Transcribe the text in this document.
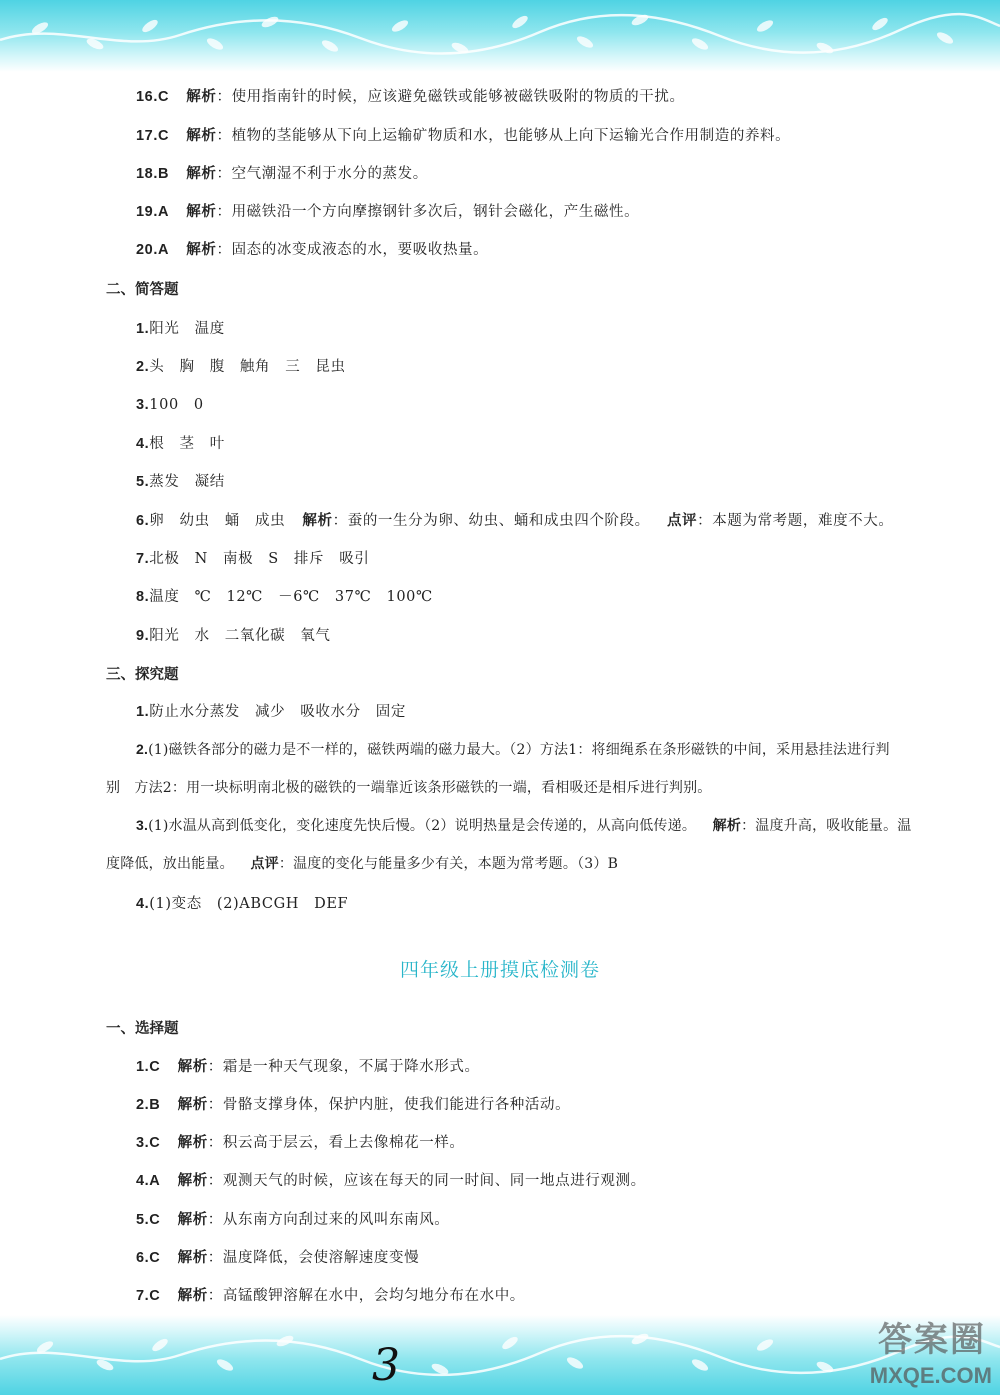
16.C 解析：使用指南针的时候，应该避免磁铁或能够被磁铁吸附的物质的干扰。
17.C 解析：植物的茎能够从下向上运输矿物质和水，也能够从上向下运输光合作用制造的养料。
18.B 解析：空气潮湿不利于水分的蒸发。
19.A 解析：用磁铁沿一个方向摩擦钢针多次后，钢针会磁化，产生磁性。
20.A 解析：固态的冰变成液态的水，要吸收热量。
二、简答题
1.阳光　温度
2.头　胸　腹　触角　三　昆虫
3.100　0
4.根　茎　叶
5.蒸发　凝结
6.卵　幼虫　蛹　成虫 解析：蚕的一生分为卵、幼虫、蛹和成虫四个阶段。 点评：本题为常考题，难度不大。
7.北极　N　南极　S　排斥　吸引
8.温度　℃　12℃　－6℃　37℃　100℃
9.阳光　水　二氧化碳　氧气
三、探究题
1.防止水分蒸发　减少　吸收水分　固定
2.(1)磁铁各部分的磁力是不一样的，磁铁两端的磁力最大。（2）方法1：将细绳系在条形磁铁的中间，采用悬挂法进行判
别　方法2：用一块标明南北极的磁铁的一端靠近该条形磁铁的一端，看相吸还是相斥进行判别。
3.(1)水温从高到低变化，变化速度先快后慢。（2）说明热量是会传递的，从高向低传递。 解析：温度升高，吸收能量。温
度降低，放出能量。 点评：温度的变化与能量多少有关，本题为常考题。（3）B
4.(1)变态　(2)ABCGH　DEF
四年级上册摸底检测卷
一、选择题
1.C 解析：霜是一种天气现象，不属于降水形式。
2.B 解析：骨骼支撑身体，保护内脏，使我们能进行各种活动。
3.C 解析：积云高于层云，看上去像棉花一样。
4.A 解析：观测天气的时候，应该在每天的同一时间、同一地点进行观测。
5.C 解析：从东南方向刮过来的风叫东南风。
6.C 解析：温度降低，会使溶解速度变慢
7.C 解析：高锰酸钾溶解在水中，会均匀地分布在水中。
3	答案圈
MXQE.COM
